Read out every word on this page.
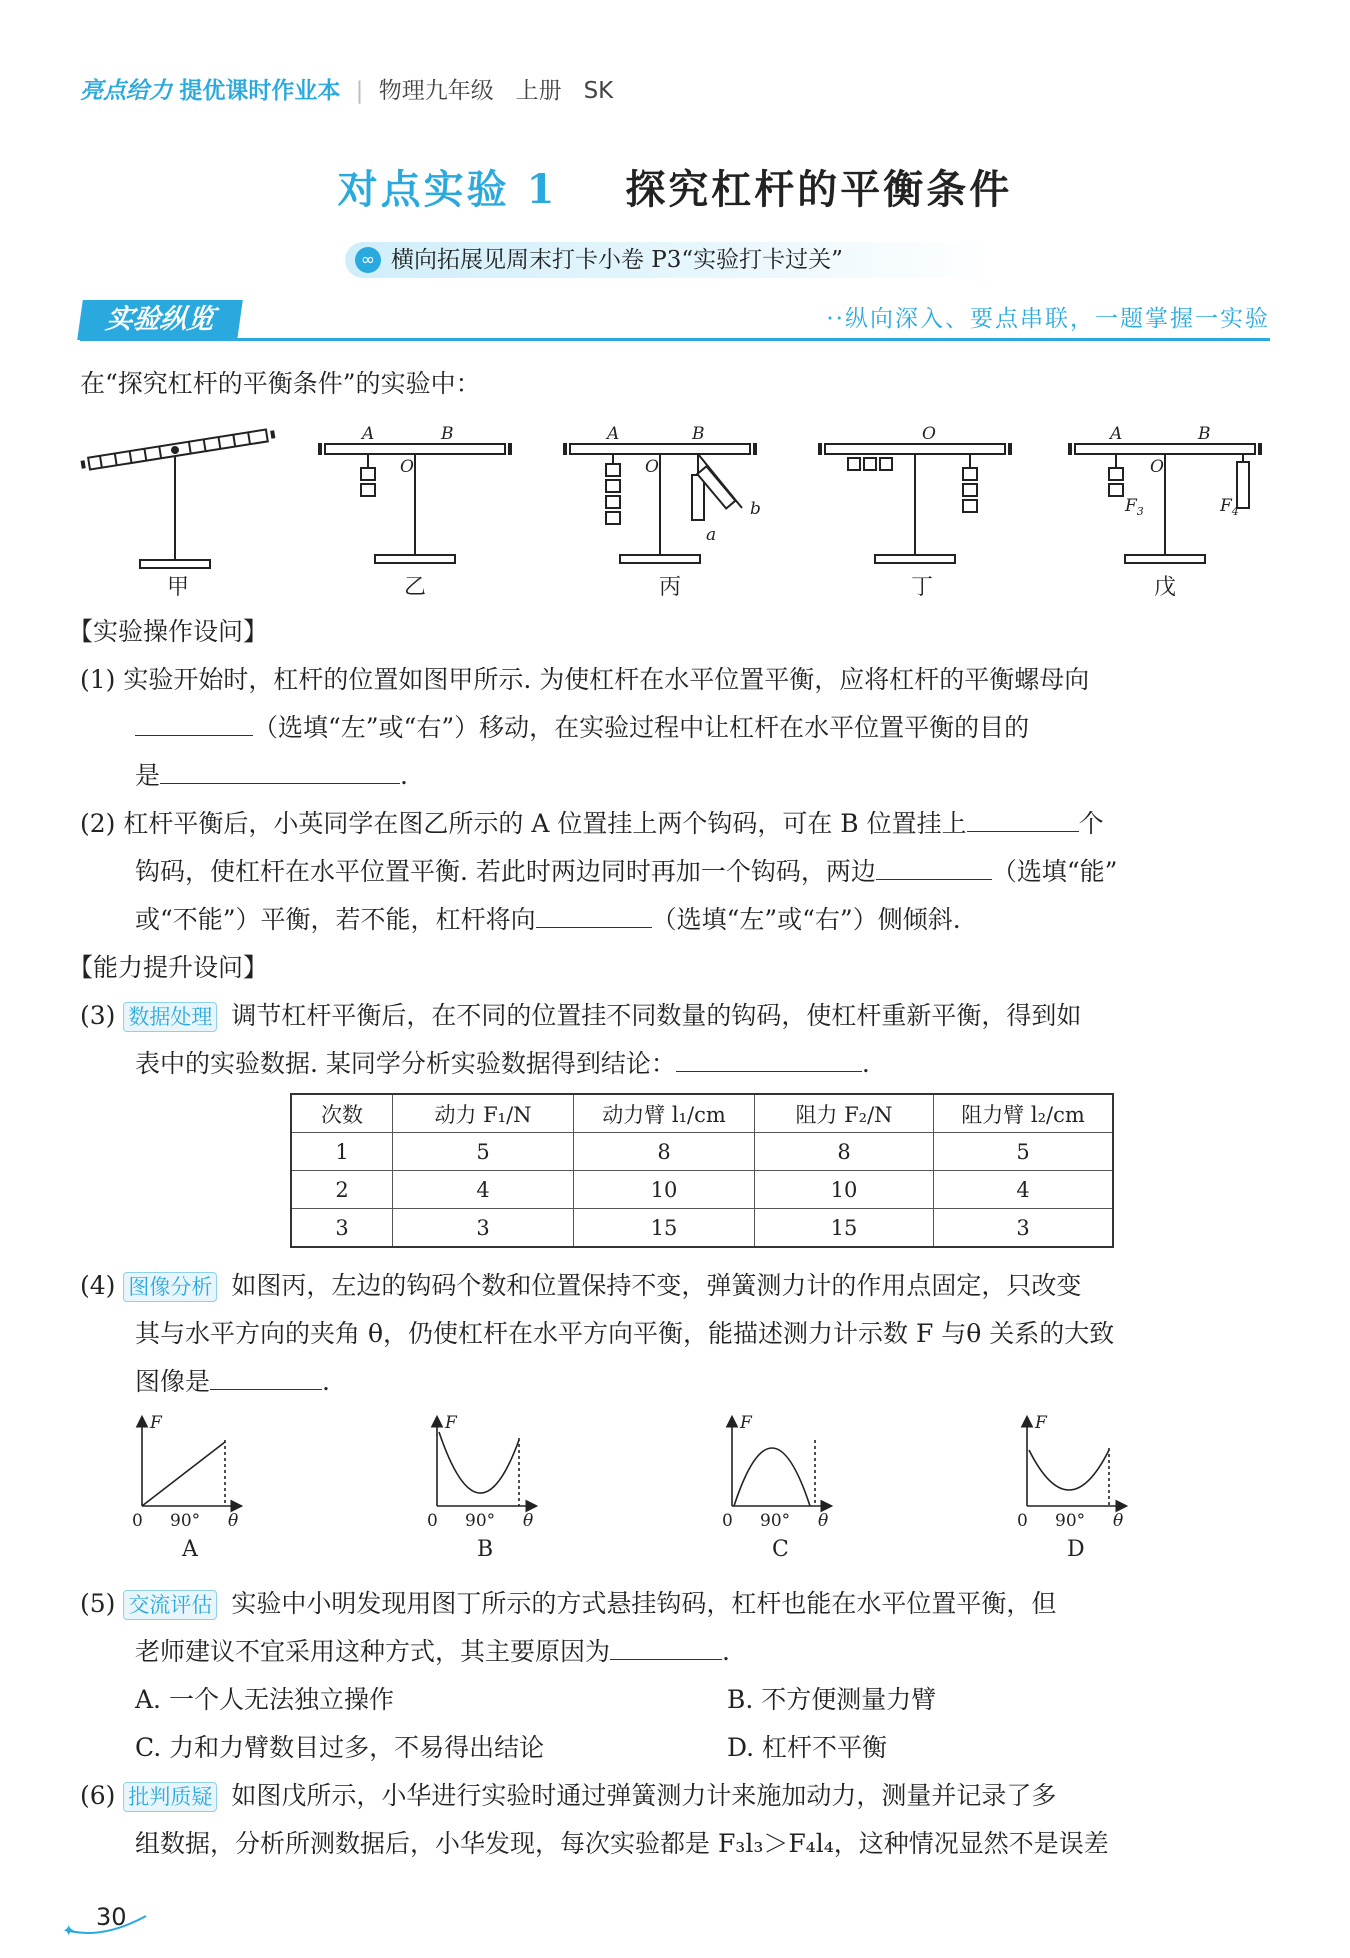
亮点给力 提优课时作业本 | 物理九年级 上册 SK
对点实验 1 探究杠杆的平衡条件
∞ 横向拓展见周末打卡小卷 P3“实验打卡过关”
实验纵览	··纵向深入、要点串联，一题掌握一实验
在“探究杠杆的平衡条件”的实验中：
A	B
O
A	B
O
a
b
O	A	B
O
$F_3$	$F_4$
甲	乙	丙	丁	戊
【实验操作设问】
(1) 实验开始时，杠杆的位置如图甲所示. 为使杠杆在水平位置平衡，应将杠杆的平衡螺母向
（选填“左”或“右”）移动，在实验过程中让杠杆在水平位置平衡的目的
是	.
(2) 杠杆平衡后，小英同学在图乙所示的 A 位置挂上两个钩码，可在 B 位置挂上	个
钩码，使杠杆在水平位置平衡. 若此时两边同时再加一个钩码，两边	（选填“能”
或“不能”）平衡，若不能，杠杆将向	（选填“左”或“右”）侧倾斜.
【能力提升设问】
(3) 数据处理 调节杠杆平衡后，在不同的位置挂不同数量的钩码，使杠杆重新平衡，得到如
表中的实验数据. 某同学分析实验数据得到结论：	.
次数	动力 F₁/N	动力臂 l₁/cm	阻力 F₂/N	阻力臂 l₂/cm
1	5	8	8	5
2	4	10	10	4
3	3	15	15	3
(4) 图像分析 如图丙，左边的钩码个数和位置保持不变，弹簧测力计的作用点固定，只改变
其与水平方向的夹角 θ，仍使杠杆在水平方向平衡，能描述测力计示数 F 与θ 关系的大致
图像是	.
F
0 90° θ
F
0 90° θ
F
0 90° θ
F
0 90° θ
A	B	C	D
(5) 交流评估 实验中小明发现用图丁所示的方式悬挂钩码，杠杆也能在水平位置平衡，但
老师建议不宜采用这种方式，其主要原因为	.
A. 一个人无法独立操作	B. 不方便测量力臂
C. 力和力臂数目过多，不易得出结论	D. 杠杆不平衡
(6) 批判质疑 如图戊所示，小华进行实验时通过弹簧测力计来施加动力，测量并记录了多
组数据，分析所测数据后，小华发现，每次实验都是 F₃l₃＞F₄l₄，这种情况显然不是误差
✦ 30
